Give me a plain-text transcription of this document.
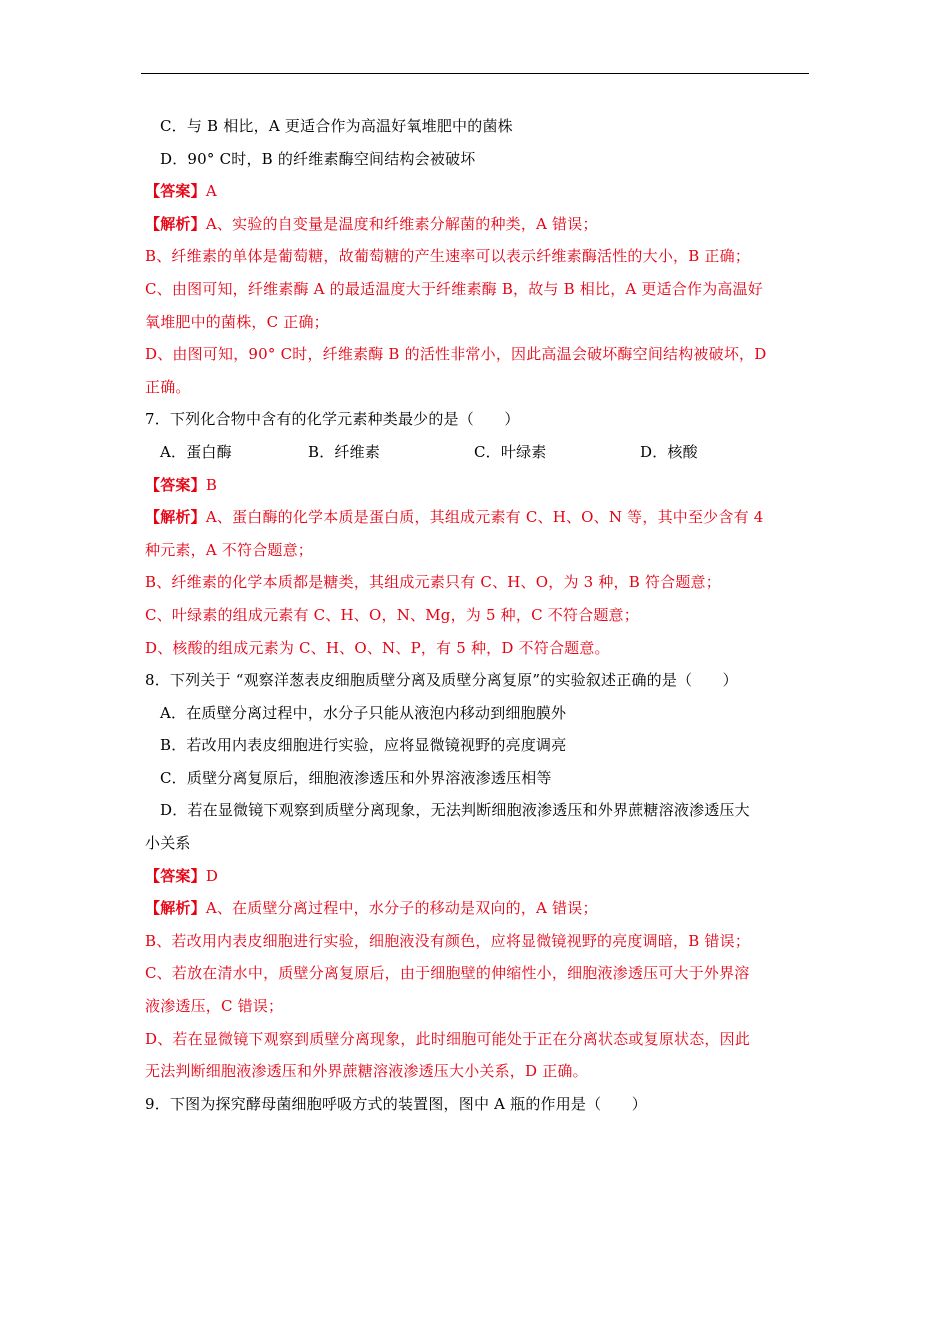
C．与 B 相比，A 更适合作为高温好氧堆肥中的菌株
D．90° C时，B 的纤维素酶空间结构会被破坏
【答案】A
【解析】A、实验的自变量是温度和纤维素分解菌的种类，A 错误；
B、纤维素的单体是葡萄糖，故葡萄糖的产生速率可以表示纤维素酶活性的大小，B 正确；
C、由图可知，纤维素酶 A 的最适温度大于纤维素酶 B，故与 B 相比，A 更适合作为高温好
氧堆肥中的菌株，C 正确；
D、由图可知，90° C时，纤维素酶 B 的活性非常小，因此高温会破坏酶空间结构被破坏，D
正确。
7．下列化合物中含有的化学元素种类最少的是（　　）
A．蛋白酶	B．纤维素	C．叶绿素	D．核酸
【答案】B
【解析】A、蛋白酶的化学本质是蛋白质，其组成元素有 C、H、O、N 等，其中至少含有 4
种元素，A 不符合题意；
B、纤维素的化学本质都是糖类，其组成元素只有 C、H、O，为 3 种，B 符合题意；
C、叶绿素的组成元素有 C、H、O，N、Mg，为 5 种，C 不符合题意；
D、核酸的组成元素为 C、H、O、N、P，有 5 种，D 不符合题意。
8．下列关于 “观察洋葱表皮细胞质壁分离及质壁分离复原”的实验叙述正确的是（　　）
A．在质壁分离过程中，水分子只能从液泡内移动到细胞膜外
B．若改用内表皮细胞进行实验，应将显微镜视野的亮度调亮
C．质壁分离复原后，细胞液渗透压和外界溶液渗透压相等
D．若在显微镜下观察到质壁分离现象，无法判断细胞液渗透压和外界蔗糖溶液渗透压大
小关系
【答案】D
【解析】A、在质壁分离过程中，水分子的移动是双向的，A 错误；
B、若改用内表皮细胞进行实验，细胞液没有颜色，应将显微镜视野的亮度调暗，B 错误；
C、若放在清水中，质壁分离复原后，由于细胞壁的伸缩性小，细胞液渗透压可大于外界溶
液渗透压，C 错误；
D、若在显微镜下观察到质壁分离现象，此时细胞可能处于正在分离状态或复原状态，因此
无法判断细胞液渗透压和外界蔗糖溶液渗透压大小关系，D 正确。
9．下图为探究酵母菌细胞呼吸方式的装置图，图中 A 瓶的作用是（　　）
